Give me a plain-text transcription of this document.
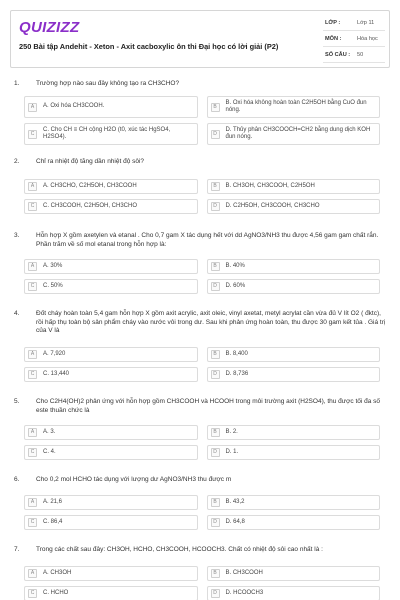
QUIZIZZ
250 Bài tập Andehit - Xeton - Axit cacboxylic ôn thi Đại học có lời giải (P2)
LỚP :	Lớp 11
MÔN :	Hóa học
SỐ CÂU :	50
1.	Trường hợp nào sau đây không tạo ra CH3CHO?
A	A. Oxi hóa CH3COOH.	B
B. Oxi hóa không hoàn toàn C2H5OH bằng CuO đun nóng.
C
C. Cho CH ≡ CH cộng H2O (t0, xúc tác HgSO4, H2SO4).
D
D. Thủy phân CH3COOCH=CH2 bằng dung dịch KOH đun nóng.
2.	Chỉ ra nhiệt độ tăng dần nhiệt độ sôi?
A	A. CH3CHO, C2H5OH, CH3COOH	B	B. CH3OH, CH3COOH, C2H5OH
C	C. CH3COOH, C2H5OH, CH3CHO	D	D. C2H5OH, CH3COOH, CH3CHO
3.	Hỗn hợp X gồm axetylen và etanal . Cho 0,7 gam X tác dụng hết với dd AgNO3/NH3 thu được 4,56 gam gam chất rắn. Phần trăm về số mol etanal trong hỗn hợp là:
A	A. 30%	B	B. 40%
C	C. 50%	D	D. 60%
4.	Đốt cháy hoàn toàn 5,4 gam hỗn hợp X gồm axit acrylic, axit oleic, vinyl axetat, metyl acrylat cần vừa đủ V lít O2 ( đktc), rồi hấp thụ toàn bộ sản phẩm cháy vào nước vôi trong dư. Sau khi phản ứng hoàn toàn, thu được 30 gam kết tủa . Giá trị của V là
A	A. 7,920	B	B. 8,400
C	C. 13,440	D	D. 8,736
5.	Cho C2H4(OH)2 phản ứng với hỗn hợp gồm CH3COOH và HCOOH trong môi trường axit (H2SO4), thu được tối đa số este thuần chức là
A	A. 3.	B	B. 2.
C	C. 4.	D	D. 1.
6.	Cho 0,2 mol HCHO tác dụng với lượng dư AgNO3/NH3 thu được m
A	A. 21,6	B	B. 43,2
C	C. 86,4	D	D. 64,8
7.	Trong các chất sau đây: CH3OH, HCHO, CH3COOH, HCOOCH3. Chất có nhiệt độ sôi cao nhất là :
A	A. CH3OH	B	B. CH3COOH
C	C. HCHO	D	D. HCOOCH3
